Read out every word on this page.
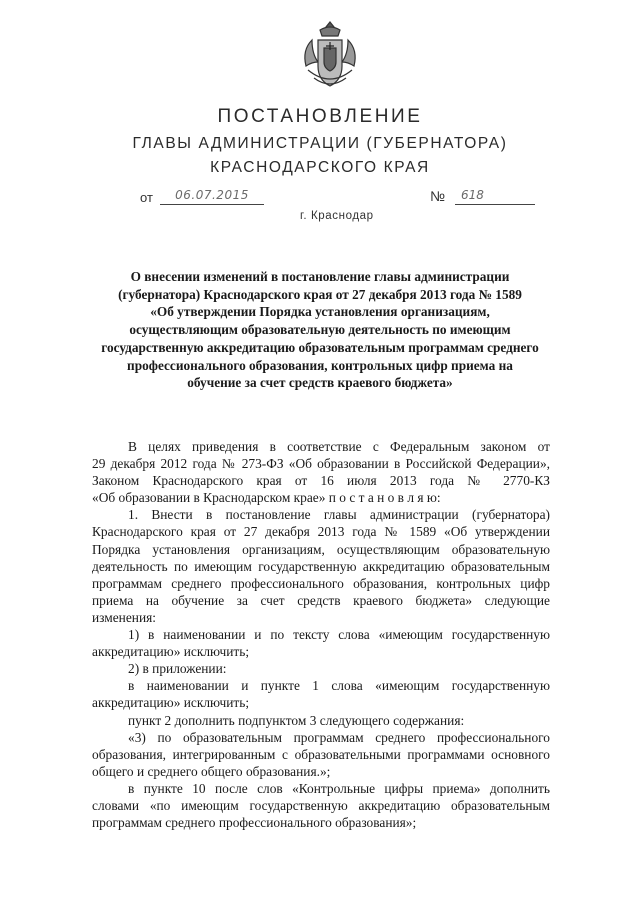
ПОСТАНОВЛЕНИЕ
ГЛАВЫ АДМИНИСТРАЦИИ (ГУБЕРНАТОРА)
КРАСНОДАРСКОГО КРАЯ
от	06.07.2015	№	618
г. Краснодар
О внесении изменений в постановление главы администрации
(губернатора) Краснодарского края от 27 декабря 2013 года № 1589
«Об утверждении Порядка установления организациям,
осуществляющим образовательную деятельность по имеющим
государственную аккредитацию образовательным программам среднего
профессионального образования, контрольных цифр приема на
обучение за счет средств краевого бюджета»
В целях приведения в соответствие с Федеральным законом от
29 декабря 2012 года № 273-ФЗ «Об образовании в Российской Федерации»,
Законом Краснодарского края от 16 июля 2013 года № 2770-КЗ
«Об образовании в Краснодарском крае» п о с т а н о в л я ю:
1. Внести в постановление главы администрации (губернатора)
Краснодарского края от 27 декабря 2013 года № 1589 «Об утверждении
Порядка установления организациям, осуществляющим образовательную
деятельность по имеющим государственную аккредитацию образовательным
программам среднего профессионального образования, контрольных цифр
приема на обучение за счет средств краевого бюджета» следующие
изменения:
1) в наименовании и по тексту слова «имеющим государственную
аккредитацию» исключить;
2) в приложении:
в наименовании и пункте 1 слова «имеющим государственную
аккредитацию» исключить;
пункт 2 дополнить подпунктом 3 следующего содержания:
«3) по образовательным программам среднего профессионального
образования, интегрированным с образовательными программами основного
общего и среднего общего образования.»;
в пункте 10 после слов «Контрольные цифры приема» дополнить
словами «по имеющим государственную аккредитацию образовательным
программам среднего профессионального образования»;
